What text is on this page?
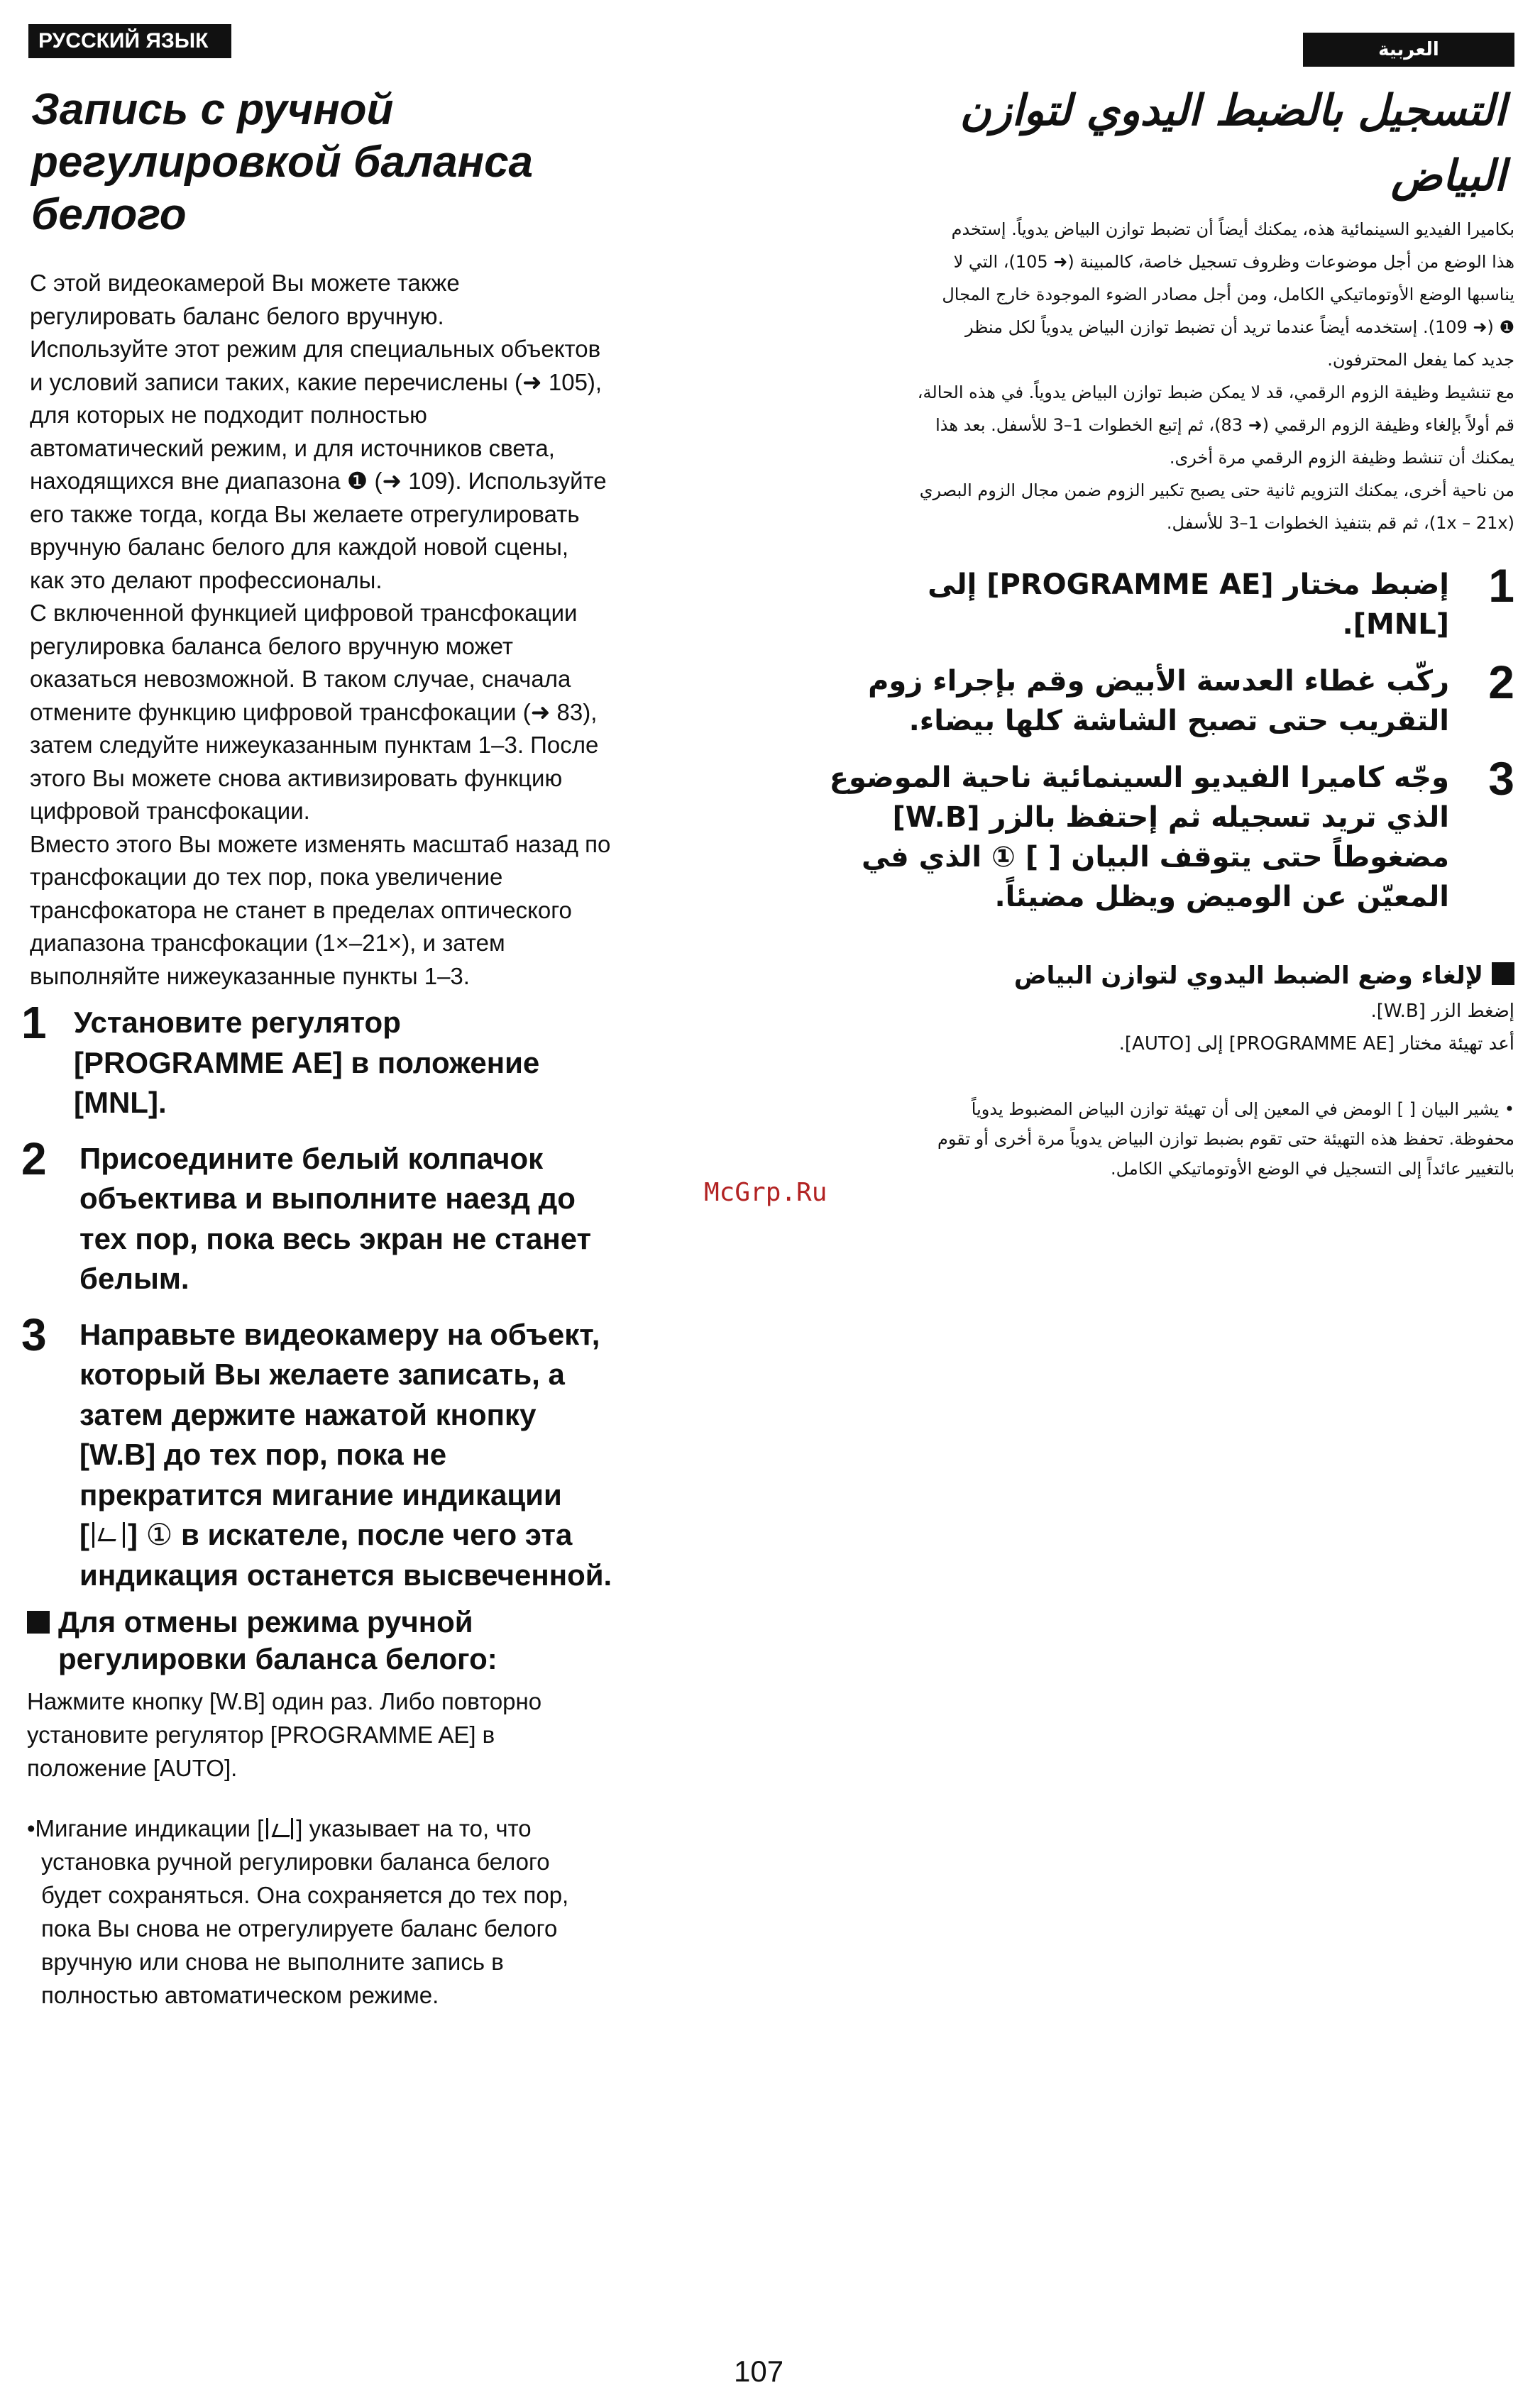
РУССКИЙ ЯЗЫК	العربية
Запись с ручной
регулировкой баланса
белого
С этой видеокамерой Вы можете также
регулировать баланс белого вручную.
Используйте этот режим для специальных объектов
и условий записи таких, какие перечислены (➜ 105),
для которых не подходит полностью
автоматический режим, и для источников света,
находящихся вне диапазона ❶ (➜ 109). Используйте
его также тогда, когда Вы желаете отрегулировать
вручную баланс белого для каждой новой сцены,
как это делают профессионалы.
С включенной функцией цифровой трансфокации
регулировка баланса белого вручную может
оказаться невозможной. В таком случае, сначала
отмените функцию цифровой трансфокации (➜ 83),
затем следуйте нижеуказанным пунктам 1–3. После
этого Вы можете снова активизировать функцию
цифровой трансфокации.
Вместо этого Вы можете изменять масштаб назад по
трансфокации до тех пор, пока увеличение
трансфокатора не станет в пределах оптического
диапазона трансфокации (1×–21×), и затем
выполняйте нижеуказанные пункты 1–3.
1 Установите регулятор
[PROGRAMME AE] в положение
[MNL].
2 Присоедините белый колпачок
объектива и выполните наезд до
тех пор, пока весь экран не станет
белым.
3 Направьте видеокамеру на объект,
который Вы желаете записать, а
затем держите нажатой кнопку
[W.B] до тех пор, пока не
прекратится мигание индикации
[ ] ① в искателе, после чего эта
индикация останется высвеченной.
Для отмены режима ручной
регулировки баланса белого:
Нажмите кнопку [W.B] один раз. Либо повторно
установите регулятор [PROGRAMME AE] в
положение [AUTO].
•Мигание индикации [ ] указывает на то, что
установка ручной регулировки баланса белого
будет сохраняться. Она сохраняется до тех пор,
пока Вы снова не отрегулируете баланс белого
вручную или снова не выполните запись в
полностью автоматическом режиме.
التسجيل بالضبط اليدوي لتوازن
البياض
بكاميرا الفيديو السينمائية هذه، يمكنك أيضاً أن تضبط توازن البياض يدوياً. إستخدم
هذا الوضع من أجل موضوعات وظروف تسجيل خاصة، كالمبينة (➜ 105)، التي لا
يناسبها الوضع الأوتوماتيكي الكامل، ومن أجل مصادر الضوء الموجودة خارج المجال
❶ (➜ 109). إستخدمه أيضاً عندما تريد أن تضبط توازن البياض يدوياً لكل منظر
جديد كما يفعل المحترفون.
مع تنشيط وظيفة الزوم الرقمي، قد لا يمكن ضبط توازن البياض يدوياً. في هذه الحالة،
قم أولاً بإلغاء وظيفة الزوم الرقمي (➜ 83)، ثم إتبع الخطوات 1–3 للأسفل. بعد هذا
يمكنك أن تنشط وظيفة الزوم الرقمي مرة أخرى.
من ناحية أخرى، يمكنك التزويم ثانية حتى يصبح تكبير الزوم ضمن مجال الزوم البصري
(1x – 21x)، ثم قم بتنفيذ الخطوات 1–3 للأسفل.
1
إضبط مختار [PROGRAMME AE] إلى
[MNL].
2
ركّب غطاء العدسة الأبيض وقم بإجراء زوم
التقريب حتى تصبح الشاشة كلها بيضاء.
3
وجّه كاميرا الفيديو السينمائية ناحية الموضوع
الذي تريد تسجيله ثم إحتفظ بالزر [W.B]
مضغوطاً حتى يتوقف البيان [ ] ① الذي في
المعيّن عن الوميض ويظل مضيئاً.
لإلغاء وضع الضبط اليدوي لتوازن البياض
إضغط الزر [W.B].
أعد تهيئة مختار [PROGRAMME AE] إلى [AUTO].
• يشير البيان [ ] الومض في المعين إلى أن تهيئة توازن البياض المضبوط يدوياً
محفوظة. تحفظ هذه التهيئة حتى تقوم بضبط توازن البياض يدوياً مرة أخرى أو تقوم
بالتغيير عائداً إلى التسجيل في الوضع الأوتوماتيكي الكامل.
McGrp.Ru
107
